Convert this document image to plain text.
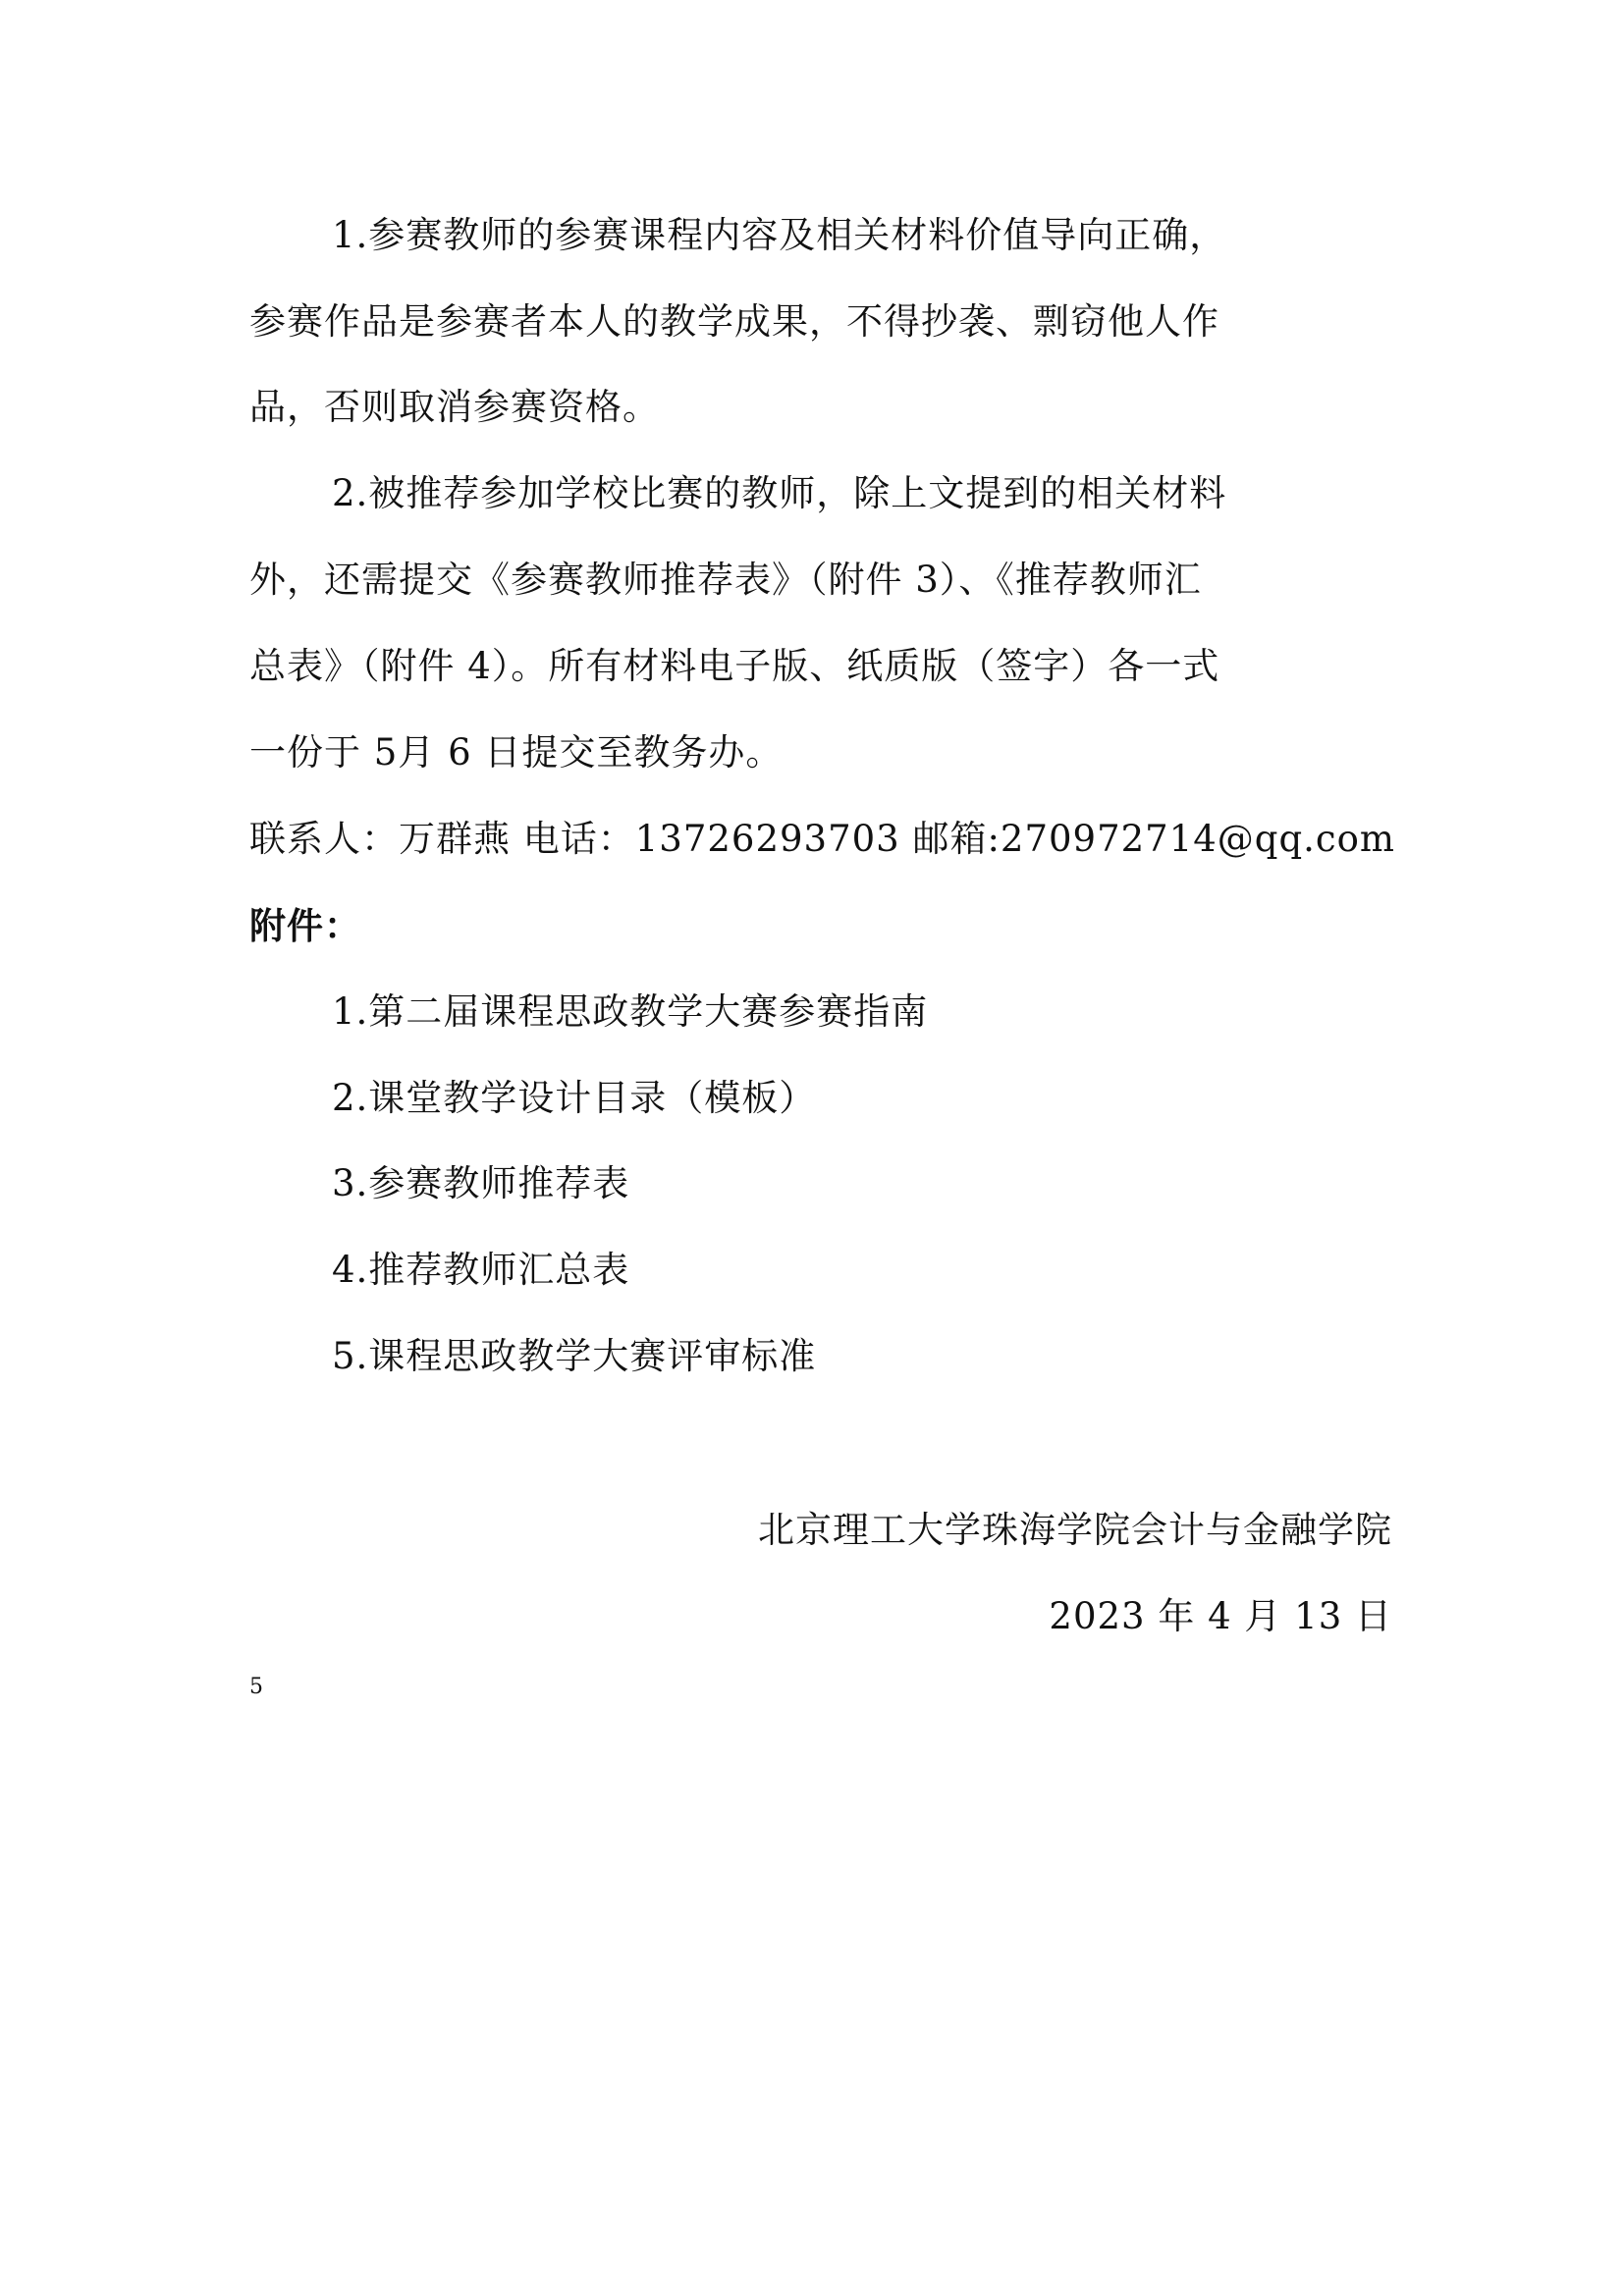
1.参赛教师的参赛课程内容及相关材料价值导向正确，
参赛作品是参赛者本人的教学成果，不得抄袭、剽窃他人作
品，否则取消参赛资格。
2.被推荐参加学校比赛的教师，除上文提到的相关材料
外，还需提交《参赛教师推荐表》（附件 3）、《推荐教师汇
总表》（附件 4）。所有材料电子版、纸质版（签字）各一式
一份于 5月 6 日提交至教务办。
联系人：万群燕 电话：13726293703 邮箱:270972714@qq.com
附件：
1.第二届课程思政教学大赛参赛指南
2.课堂教学设计目录（模板）
3.参赛教师推荐表
4.推荐教师汇总表
5.课程思政教学大赛评审标准
北京理工大学珠海学院会计与金融学院
2023 年 4 月 13 日
5
